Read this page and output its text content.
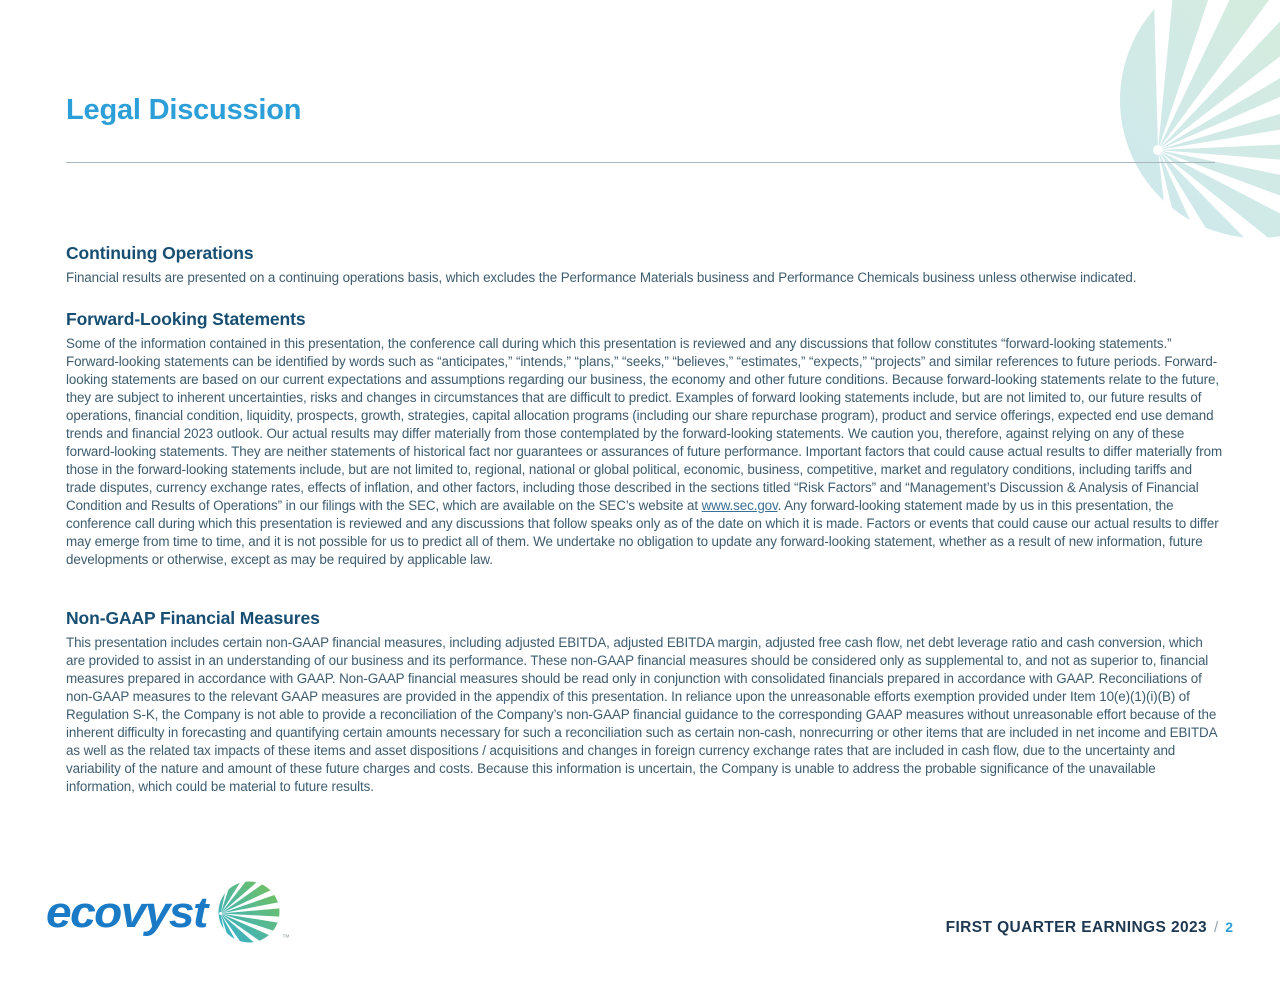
Legal Discussion
Continuing Operations

Financial results are presented on a continuing operations basis, which excludes the Performance Materials business and Performance Chemicals business unless otherwise indicated.

Forward-Looking Statements

Some of the information contained in this presentation, the conference call during which this presentation is reviewed and any discussions that follow constitutes “forward-looking statements.” Forward-looking statements can be identified by words such as “anticipates,” “intends,” “plans,” “seeks,” “believes,” “estimates,” “expects,” “projects” and similar references to future periods. Forward-looking statements are based on our current expectations and assumptions regarding our business, the economy and other future conditions. Because forward-looking statements relate to the future, they are subject to inherent uncertainties, risks and changes in circumstances that are difficult to predict. Examples of forward looking statements include, but are not limited to, our future results of operations, financial condition, liquidity, prospects, growth, strategies, capital allocation programs (including our share repurchase program), product and service offerings, expected end use demand trends and financial 2023 outlook. Our actual results may differ materially from those contemplated by the forward-looking statements. We caution you, therefore, against relying on any of these forward-looking statements. They are neither statements of historical fact nor guarantees or assurances of future performance. Important factors that could cause actual results to differ materially from those in the forward-looking statements include, but are not limited to, regional, national or global political, economic, business, competitive, market and regulatory conditions, including tariffs and trade disputes, currency exchange rates, effects of inflation, and other factors, including those described in the sections titled “Risk Factors” and “Management’s Discussion & Analysis of Financial Condition and Results of Operations” in our filings with the SEC, which are available on the SEC’s website at www.sec.gov. Any forward-looking statement made by us in this presentation, the conference call during which this presentation is reviewed and any discussions that follow speaks only as of the date on which it is made. Factors or events that could cause our actual results to differ may emerge from time to time, and it is not possible for us to predict all of them. We undertake no obligation to update any forward-looking statement, whether as a result of new information, future developments or otherwise, except as may be required by applicable law.

Non-GAAP Financial Measures

This presentation includes certain non-GAAP financial measures, including adjusted EBITDA, adjusted EBITDA margin, adjusted free cash flow, net debt leverage ratio and cash conversion, which are provided to assist in an understanding of our business and its performance. These non-GAAP financial measures should be considered only as supplemental to, and not as superior to, financial measures prepared in accordance with GAAP. Non-GAAP financial measures should be read only in conjunction with consolidated financials prepared in accordance with GAAP. Reconciliations of non-GAAP measures to the relevant GAAP measures are provided in the appendix of this presentation. In reliance upon the unreasonable efforts exemption provided under Item 10(e)(1)(i)(B) of Regulation S-K, the Company is not able to provide a reconciliation of the Company’s non-GAAP financial guidance to the corresponding GAAP measures without unreasonable effort because of the inherent difficulty in forecasting and quantifying certain amounts necessary for such a reconciliation such as certain non-cash, nonrecurring or other items that are included in net income and EBITDA as well as the related tax impacts of these items and asset dispositions / acquisitions and changes in foreign currency exchange rates that are included in cash flow, due to the uncertainty and variability of the nature and amount of these future charges and costs. Because this information is uncertain, the Company is unable to address the probable significance of the unavailable information, which could be material to future results.

ecovyst
™
FIRST QUARTER EARNINGS 2023 / 2
